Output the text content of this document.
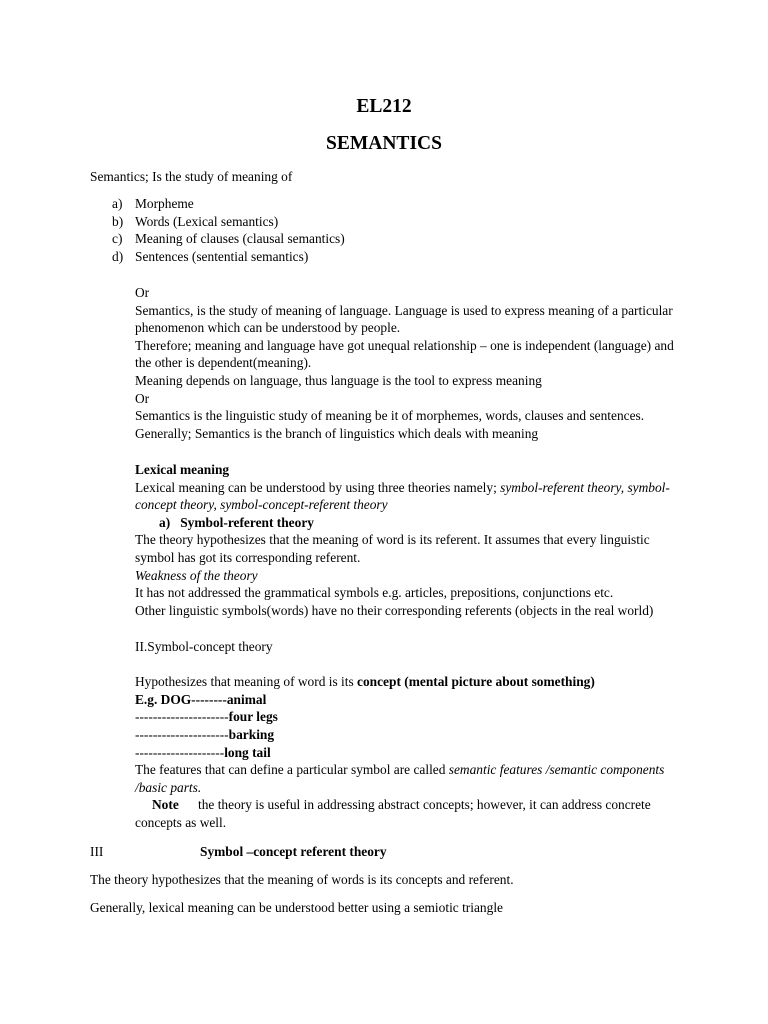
EL212
SEMANTICS
Semantics; Is the study of meaning of
a) Morpheme
b) Words (Lexical semantics)
c) Meaning of clauses (clausal semantics)
d) Sentences (sentential semantics)

Or

Semantics, is the study of meaning of language. Language is used to express meaning of a particular phenomenon which can be understood by people.

Therefore; meaning and language have got unequal relationship – one is independent (language) and the other is dependent(meaning).

Meaning depends on language, thus language is the tool to express meaning

Or

Semantics is the linguistic study of meaning be it of morphemes, words, clauses and sentences.

Generally; Semantics is the branch of linguistics which deals with meaning

Lexical meaning

Lexical meaning can be understood by using three theories namely; symbol-referent theory, symbol- concept theory, symbol-concept-referent theory

a) Symbol-referent theory

The theory hypothesizes that the meaning of word is its referent. It assumes that every linguistic symbol has got its corresponding referent.

Weakness of the theory

It has not addressed the grammatical symbols e.g. articles, prepositions, conjunctions etc.

Other linguistic symbols(words) have no their corresponding referents (objects in the real world)

II.Symbol-concept theory

Hypothesizes that meaning of word is its concept (mental picture about something)

E.g. DOG--------animal

---------------------four legs

---------------------barking

--------------------long tail

The features that can define a particular symbol are called semantic features /semantic components /basic parts.

Note the theory is useful in addressing abstract concepts; however, it can address concrete concepts as well.

III	Symbol –concept referent theory
The theory hypothesizes that the meaning of words is its concepts and referent.
Generally, lexical meaning can be understood better using a semiotic triangle
